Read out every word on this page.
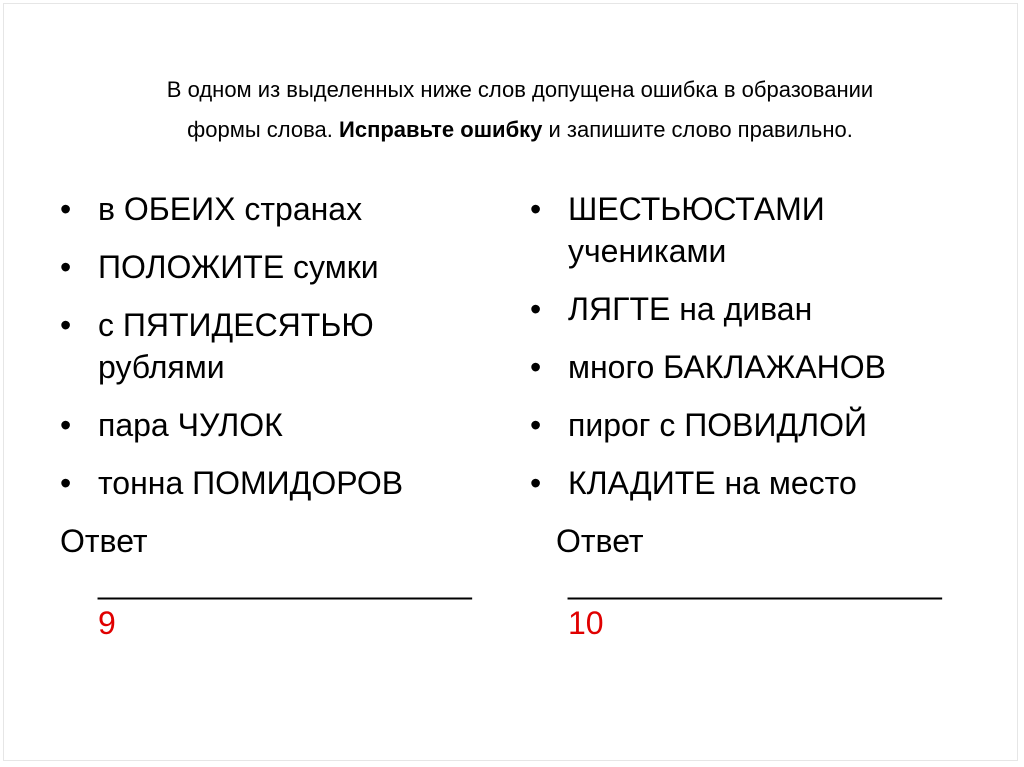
В одном из выделенных ниже слов допущена ошибка в образовании
формы слова. Исправьте ошибку и запишите слово правильно.
• в ОБЕИХ странах
• ПОЛОЖИТЕ сумки
• с ПЯТИДЕСЯТЬЮ рублями
• пара ЧУЛОК
• тонна ПОМИДОРОВ
Ответ
_____________________
9
• ШЕСТЬЮСТАМИ учениками
• ЛЯГТЕ на диван
• много БАКЛАЖАНОВ
• пирог с ПОВИДЛОЙ
• КЛАДИТЕ на место
Ответ
_____________________
10
